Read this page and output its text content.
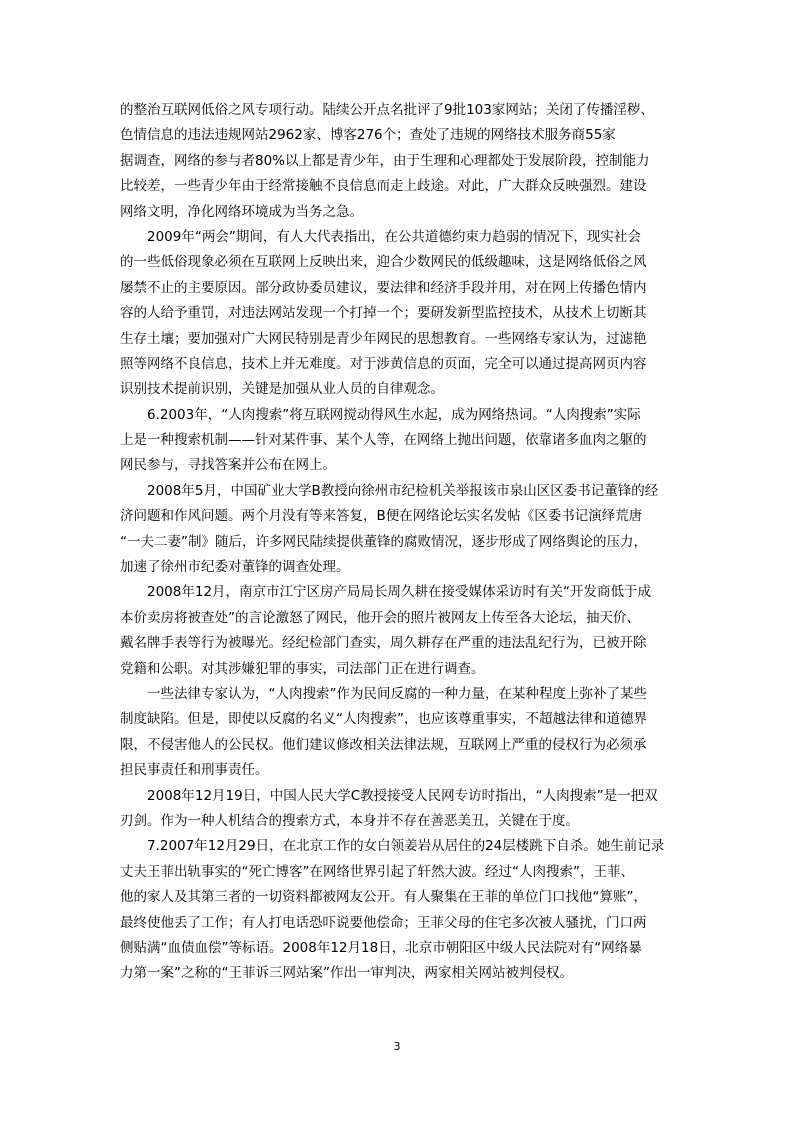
的整治互联网低俗之风专项行动。陆续公开点名批评了9批103家网站；关闭了传播淫秽、
色情信息的违法违规网站2962家、博客276个；查处了违规的网络技术服务商55家
据调查，网络的参与者80%以上都是青少年，由于生理和心理都处于发展阶段，控制能力
比较差，一些青少年由于经常接触不良信息而走上歧途。对此，广大群众反映强烈。建设
网络文明，净化网络环境成为当务之急。
2009年“两会”期间，有人大代表指出，在公共道德约束力趋弱的情况下，现实社会
的一些低俗现象必须在互联网上反映出来，迎合少数网民的低级趣味，这是网络低俗之风
屡禁不止的主要原因。部分政协委员建议，要法律和经济手段并用，对在网上传播色情内
容的人给予重罚，对违法网站发现一个打掉一个；要研发新型监控技术，从技术上切断其
生存土壤；要加强对广大网民特别是青少年网民的思想教育。一些网络专家认为，过滤艳
照等网络不良信息，技术上并无难度。对于涉黄信息的页面，完全可以通过提高网页内容
识别技术提前识别，关键是加强从业人员的自律观念。
6.2003年，“人肉搜索”将互联网搅动得风生水起，成为网络热词。“人肉搜索”实际
上是一种搜索机制——针对某件事、某个人等，在网络上抛出问题，依靠诸多血肉之躯的
网民参与，寻找答案并公布在网上。
2008年5月，中国矿业大学B教授向徐州市纪检机关举报该市泉山区区委书记董锋的经
济问题和作风问题。两个月没有等来答复，B便在网络论坛实名发帖《区委书记演绎荒唐
“一夫二妻”制》随后，许多网民陆续提供董锋的腐败情况，逐步形成了网络舆论的压力，
加速了徐州市纪委对董锋的调查处理。
2008年12月，南京市江宁区房产局局长周久耕在接受媒体采访时有关“开发商低于成
本价卖房将被查处”的言论激怒了网民，他开会的照片被网友上传至各大论坛，抽天价、
戴名牌手表等行为被曝光。经纪检部门查实，周久耕存在严重的违法乱纪行为，已被开除
党籍和公职。对其涉嫌犯罪的事实，司法部门正在进行调查。
一些法律专家认为，“人肉搜索”作为民间反腐的一种力量，在某种程度上弥补了某些
制度缺陷。但是，即使以反腐的名义“人肉搜索”，也应该尊重事实，不超越法律和道德界
限，不侵害他人的公民权。他们建议修改相关法律法规，互联网上严重的侵权行为必须承
担民事责任和刑事责任。
2008年12月19日，中国人民大学C教授接受人民网专访时指出，“人肉搜索”是一把双
刃剑。作为一种人机结合的搜索方式，本身并不存在善恶美丑，关键在于度。
7.2007年12月29日，在北京工作的女白领姜岩从居住的24层楼跳下自杀。她生前记录
丈夫王菲出轨事实的“死亡博客”在网络世界引起了轩然大波。经过“人肉搜索”，王菲、
他的家人及其第三者的一切资料都被网友公开。有人聚集在王菲的单位门口找他“算账”，
最终使他丢了工作；有人打电话恐吓说要他偿命；王菲父母的住宅多次被人骚扰，门口两
侧贴满“血债血偿”等标语。2008年12月18日，北京市朝阳区中级人民法院对有“网络暴
力第一案”之称的“王菲诉三网站案”作出一审判决，两家相关网站被判侵权。
3
